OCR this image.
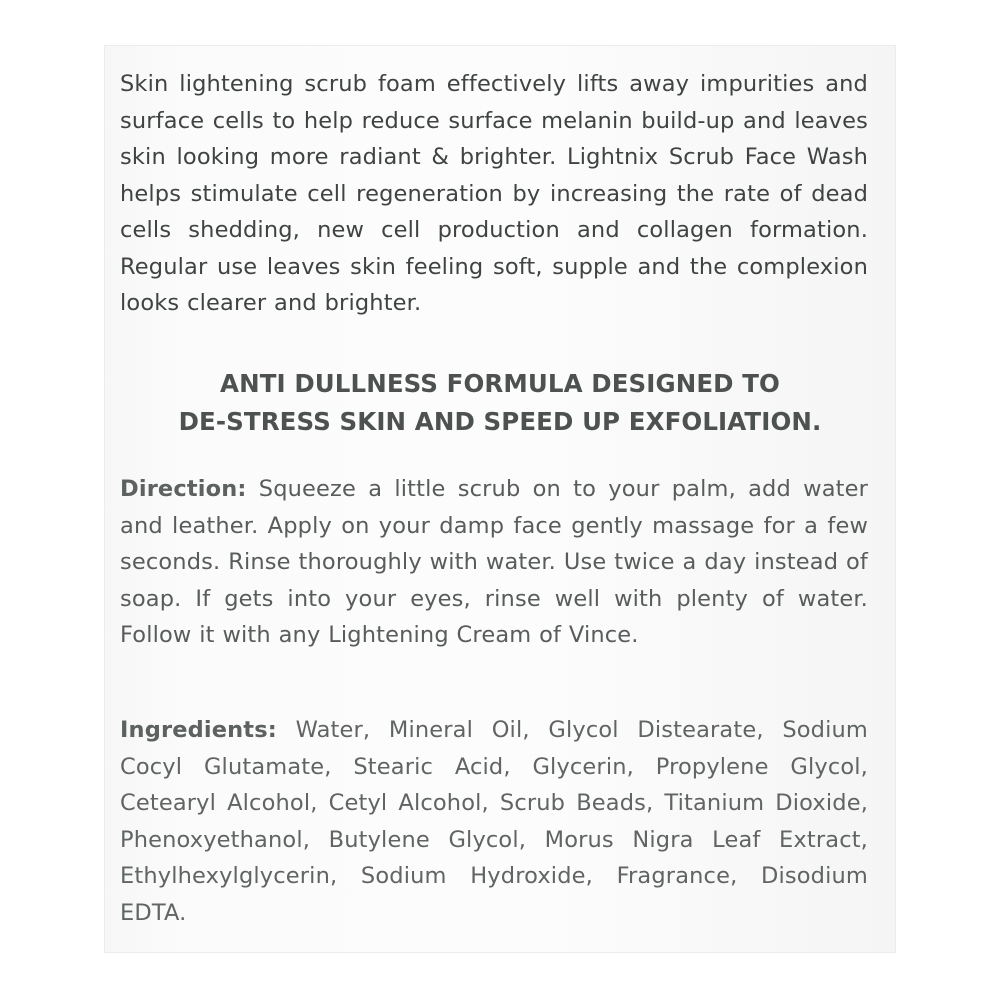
Skin lightening scrub foam effectively lifts away impurities and surface cells to help reduce surface melanin build-up and leaves skin looking more radiant & brighter. Lightnix Scrub Face Wash helps stimulate cell regeneration by increasing the rate of dead cells shedding, new cell production and collagen formation. Regular use leaves skin feeling soft, supple and the complexion looks clearer and brighter.

ANTI DULLNESS FORMULA DESIGNED TO
DE-STRESS SKIN AND SPEED UP EXFOLIATION.

Direction: Squeeze a little scrub on to your palm, add water and leather. Apply on your damp face gently massage for a few seconds. Rinse thoroughly with water. Use twice a day instead of soap. If gets into your eyes, rinse well with plenty of water. Follow it with any Lightening Cream of Vince.

Ingredients: Water, Mineral Oil, Glycol Distearate, Sodium Cocyl Glutamate, Stearic Acid, Glycerin, Propylene Glycol, Cetearyl Alcohol, Cetyl Alcohol, Scrub Beads, Titanium Dioxide, Phenoxyethanol, Butylene Glycol, Morus Nigra Leaf Extract, Ethylhexylglycerin, Sodium Hydroxide, Fragrance, Disodium EDTA.
